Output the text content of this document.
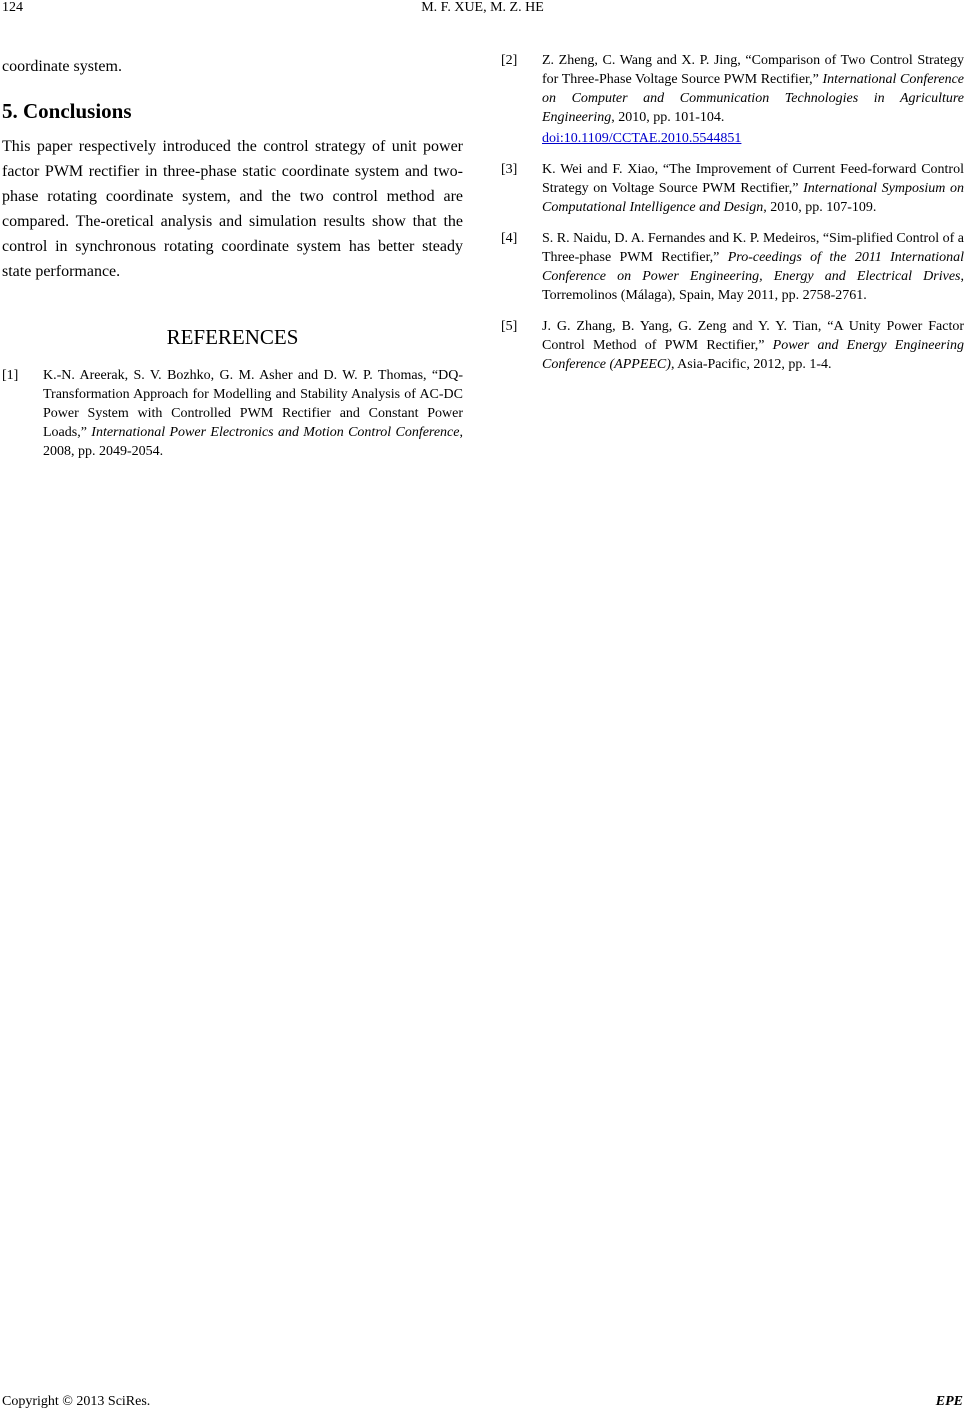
124	M. F. XUE, M. Z. HE

coordinate system.

5. Conclusions

This paper respectively introduced the control strategy of unit power factor PWM rectifier in three-phase static coordinate system and two-phase rotating coordinate system, and the two control method are compared. The-oretical analysis and simulation results show that the control in synchronous rotating coordinate system has better steady state performance.

REFERENCES
[1] K.-N. Areerak, S. V. Bozhko, G. M. Asher and D. W. P. Thomas, “DQ-Transformation Approach for Modelling and Stability Analysis of AC-DC Power System with Controlled PWM Rectifier and Constant Power Loads,” International Power Electronics and Motion Control Conference, 2008, pp. 2049-2054.
[2] Z. Zheng, C. Wang and X. P. Jing, “Comparison of Two Control Strategy for Three-Phase Voltage Source PWM Rectifier,” International Conference on Computer and Communication Technologies in Agriculture Engineering, 2010, pp. 101-104.
doi:10.1109/CCTAE.2010.5544851
[3] K. Wei and F. Xiao, “The Improvement of Current Feed-forward Control Strategy on Voltage Source PWM Rectifier,” International Symposium on Computational Intelligence and Design, 2010, pp. 107-109.
[4] S. R. Naidu, D. A. Fernandes and K. P. Medeiros, “Sim-plified Control of a Three-phase PWM Rectifier,” Pro-ceedings of the 2011 International Conference on Power Engineering, Energy and Electrical Drives, Torremolinos (Málaga), Spain, May 2011, pp. 2758-2761.
[5] J. G. Zhang, B. Yang, G. Zeng and Y. Y. Tian, “A Unity Power Factor Control Method of PWM Rectifier,” Power and Energy Engineering Conference (APPEEC), Asia-Pacific, 2012, pp. 1-4.
Copyright © 2013 SciRes.	EPE
